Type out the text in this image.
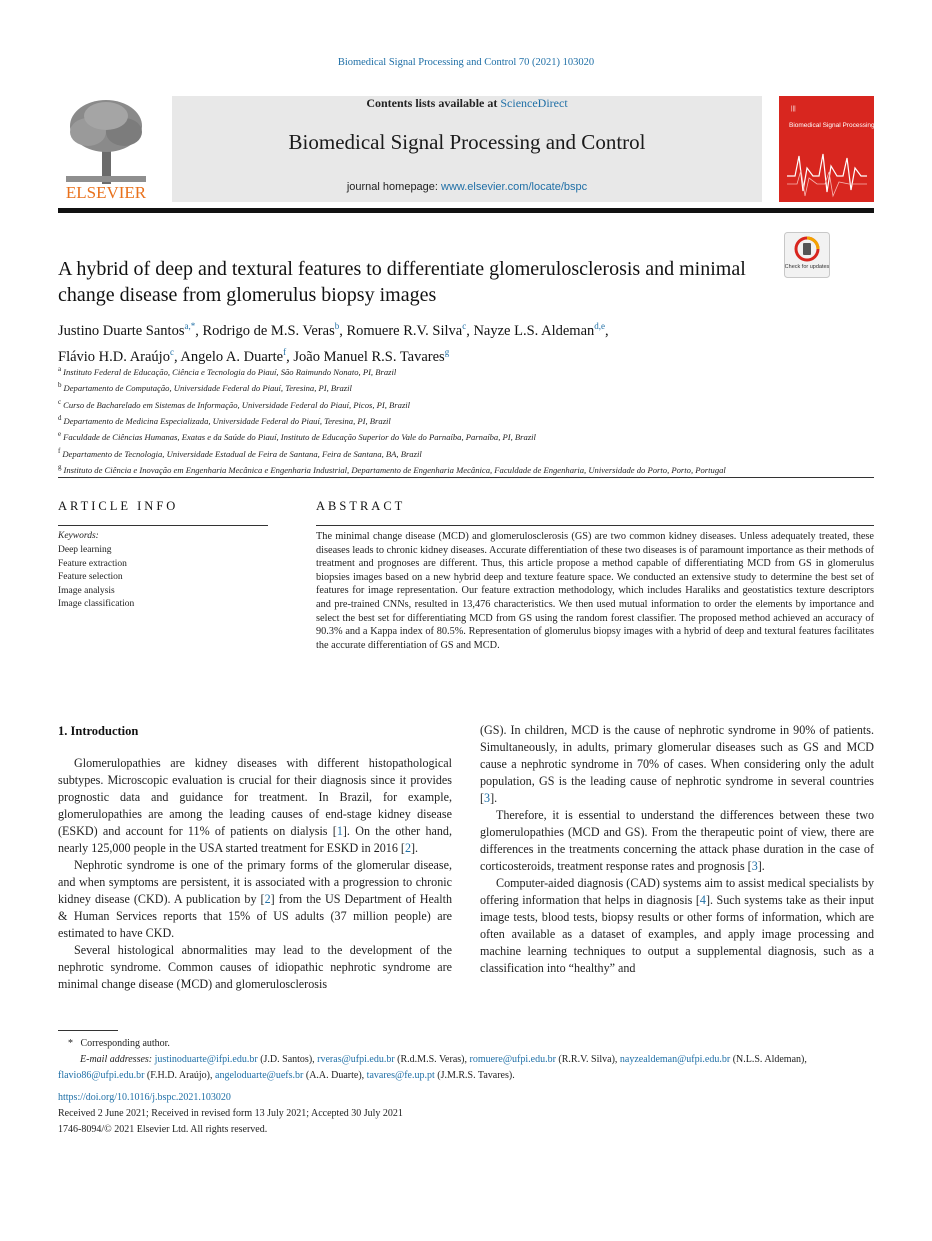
Biomedical Signal Processing and Control 70 (2021) 103020
ELSEVIER
Contents lists available at ScienceDirect
Biomedical Signal Processing and Control
journal homepage: www.elsevier.com/locate/bspc
|||
Biomedical Signal Processing and Control
Check for updates
A hybrid of deep and textural features to differentiate glomerulosclerosis and minimal change disease from glomerulus biopsy images
Justino Duarte Santos$^{a,*}$, Rodrigo de M.S. Veras$^b$, Romuere R.V. Silva$^c$, Nayze L.S. Aldeman$^{d,e}$,
Flávio H.D. Araújo$^c$, Angelo A. Duarte$^f$, João Manuel R.S. Tavares$^g$
$^a$ Instituto Federal de Educação, Ciência e Tecnologia do Piauí, São Raimundo Nonato, PI, Brazil
$^b$ Departamento de Computação, Universidade Federal do Piauí, Teresina, PI, Brazil
$^c$ Curso de Bacharelado em Sistemas de Informação, Universidade Federal do Piauí, Picos, PI, Brazil
$^d$ Departamento de Medicina Especializada, Universidade Federal do Piauí, Teresina, PI, Brazil
$^e$ Faculdade de Ciências Humanas, Exatas e da Saúde do Piauí, Instituto de Educação Superior do Vale do Parnaíba, Parnaíba, PI, Brazil
$^f$ Departamento de Tecnologia, Universidade Estadual de Feira de Santana, Feira de Santana, BA, Brazil
$^g$ Instituto de Ciência e Inovação em Engenharia Mecânica e Engenharia Industrial, Departamento de Engenharia Mecânica, Faculdade de Engenharia, Universidade do Porto, Porto, Portugal
ARTICLE INFO
Keywords:
Deep learning
Feature extraction
Feature selection
Image analysis
Image classification
ABSTRACT
The minimal change disease (MCD) and glomerulosclerosis (GS) are two common kidney diseases. Unless adequately treated, these diseases leads to chronic kidney diseases. Accurate differentiation of these two diseases is of paramount importance as their methods of treatment and prognoses are different. Thus, this article propose a method capable of differentiating MCD from GS in glomerulus biopsies images based on a new hybrid deep and texture feature space. We conducted an extensive study to determine the best set of features for image representation. Our feature extraction methodology, which includes Haraliks and geostatistics texture descriptors and pre-trained CNNs, resulted in 13,476 characteristics. We then used mutual information to order the elements by importance and select the best set for differentiating MCD from GS using the random forest classifier. The proposed method achieved an accuracy of 90.3% and a Kappa index of 80.5%. Representation of glomerulus biopsy images with a hybrid of deep and textural features facilitates the accurate differentiation of GS and MCD.
1. Introduction

Glomerulopathies are kidney diseases with different histopathological subtypes. Microscopic evaluation is crucial for their diagnosis since it provides prognostic data and guidance for treatment. In Brazil, for example, glomerulopathies are among the leading causes of end-stage kidney disease (ESKD) and account for 11% of patients on dialysis [1]. On the other hand, nearly 125,000 people in the USA started treatment for ESKD in 2016 [2].

Nephrotic syndrome is one of the primary forms of the glomerular disease, and when symptoms are persistent, it is associated with a progression to chronic kidney disease (CKD). A publication by [2] from the US Department of Health & Human Services reports that 15% of US adults (37 million people) are estimated to have CKD.

Several histological abnormalities may lead to the development of the nephrotic syndrome. Common causes of idiopathic nephrotic syndrome are minimal change disease (MCD) and glomerulosclerosis

(GS). In children, MCD is the cause of nephrotic syndrome in 90% of patients. Simultaneously, in adults, primary glomerular diseases such as GS and MCD cause a nephrotic syndrome in 70% of cases. When considering only the adult population, GS is the leading cause of nephrotic syndrome in several countries [3].

Therefore, it is essential to understand the differences between these two glomerulopathies (MCD and GS). From the therapeutic point of view, there are differences in the treatments concerning the attack phase duration in the case of corticosteroids, treatment response rates and prognosis [3].

Computer-aided diagnosis (CAD) systems aim to assist medical specialists by offering information that helps in diagnosis [4]. Such systems take as their input image tests, blood tests, biopsy results or other forms of information, which are often available as a dataset of examples, and apply image processing and machine learning techniques to output a supplemental diagnosis, such as a classification into “healthy” and

* Corresponding author.
E-mail addresses: justinoduarte@ifpi.edu.br (J.D. Santos), rveras@ufpi.edu.br (R.d.M.S. Veras), romuere@ufpi.edu.br (R.R.V. Silva), nayzealdeman@ufpi.edu.br (N.L.S. Aldeman), flavio86@ufpi.edu.br (F.H.D. Araújo), angeloduarte@uefs.br (A.A. Duarte), tavares@fe.up.pt (J.M.R.S. Tavares).
https://doi.org/10.1016/j.bspc.2021.103020
Received 2 June 2021; Received in revised form 13 July 2021; Accepted 30 July 2021
1746-8094/© 2021 Elsevier Ltd. All rights reserved.
